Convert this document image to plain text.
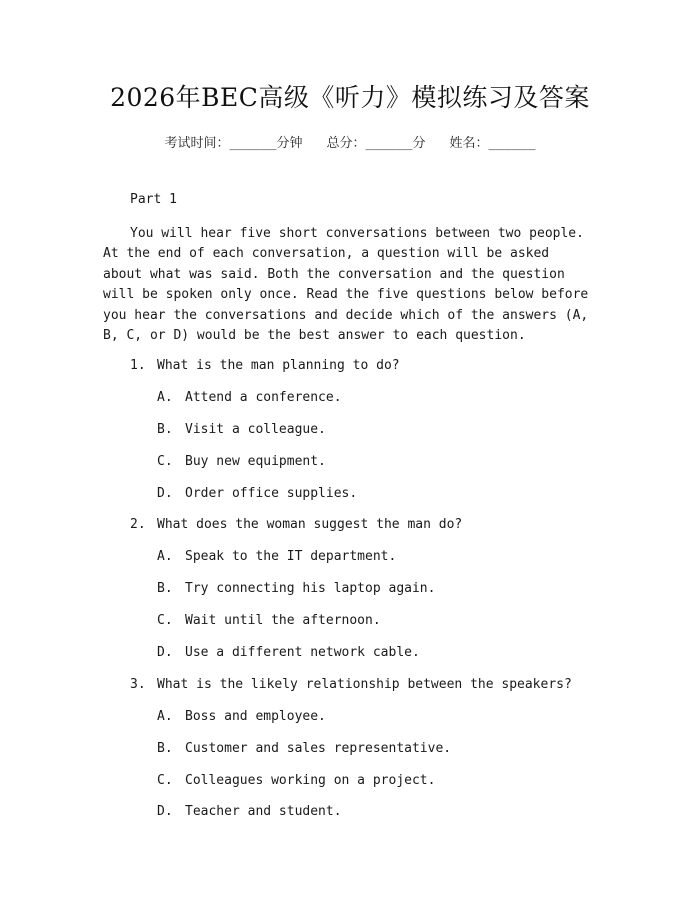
2026年BEC高级《听力》模拟练习及答案
考试时间：______分钟 总分：______分 姓名：______
Part 1
You will hear five short conversations between two people. At the end of each conversation, a question will be asked about what was said. Both the conversation and the question will be spoken only once. Read the five questions below before you hear the conversations and decide which of the answers (A, B, C, or D) would be the best answer to each question.
1. What is the man planning to do?
A. Attend a conference.
B. Visit a colleague.
C. Buy new equipment.
D. Order office supplies.
2. What does the woman suggest the man do?
A. Speak to the IT department.
B. Try connecting his laptop again.
C. Wait until the afternoon.
D. Use a different network cable.
3. What is the likely relationship between the speakers?
A. Boss and employee.
B. Customer and sales representative.
C. Colleagues working on a project.
D. Teacher and student.
